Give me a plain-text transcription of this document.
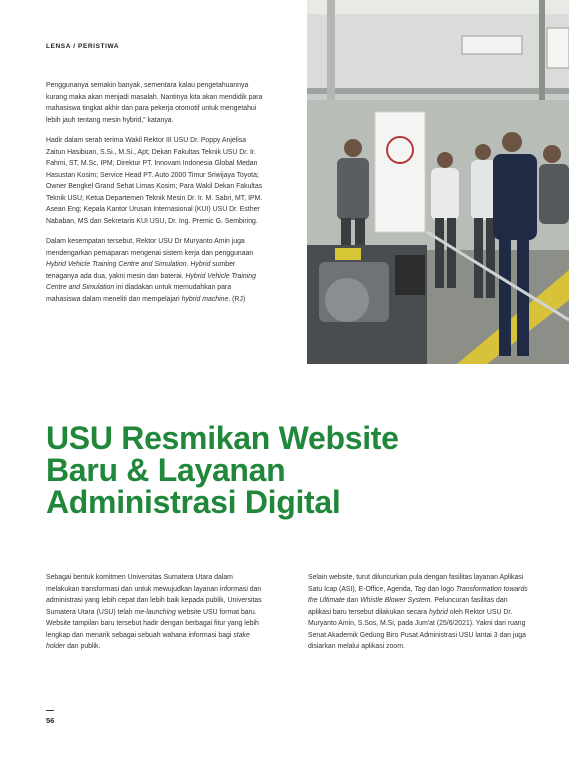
LENSA / PERISTIWA

Penggunanya semakin banyak, sementara kalau pengetahuannya kurang maka akan menjadi masalah. Nantinya kita akan mendidik para mahasiswa tingkat akhir dan para pekerja otomotif untuk mengetahui lebih jauh tentang mesin hybrid,” katanya.

Hadir dalam serah terima Wakil Rektor III USU Dr. Poppy Anjelisa Zaitun Hasibuan, S.Si., M.Si., Apt; Dekan Fakultas Teknik USU Dr. Ir. Fahmi, ST, M.Sc, IPM; Direktur PT. Innovam Indonesia Global Medan Hasustan Kosim; Service Head PT. Auto 2000 Timur Sriwijaya Toyota; Owner Bengkel Grand Sehat Limas Kosim; Para Wakil Dekan Fakultas Teknik USU; Ketua Departemen Teknik Mesin Dr. Ir. M. Sabri, MT, IPM. Asean Eng; Kepala Kantor Urusan Internasional (KUI) USU Dr. Esther Nababan, MS dan Sekretaris KUI USU, Dr. Ing. Premic G. Sembiring.

Dalam kesempatan tersebut, Rektor USU Dr Muryanto Amin juga mendengarkan pemaparan mengenai sistem kerja dan penggunaan Hybrid Vehicle Training Centre and Simulation. Hybrid sumber tenaganya ada dua, yakni mesin dan baterai. Hybrid Vehicle Training Centre and Simulation ini diadakan untuk memudahkan para mahasiswa dalam meneliti dan mempelajari hybrid machine. (RJ)

USU Resmikan Website
Baru & Layanan
Administrasi Digital

Sebagai bentuk komitmen Universitas Sumatera Utara dalam melakukan transformasi dan untuk mewujudkan layanan informasi dan administrasi yang lebih cepat dan lebih baik kepada publik, Universitas Sumatera Utara (USU) telah me-launching website USU format baru. Website tampilan baru tersebut hadir dengan berbagai fitur yang lebih lengkap dan menarik sebagai sebuah wahana informasi bagi stake holder dan publik.

Selain website, turut diluncurkan pula dengan fasilitas layanan Aplikasi Satu Icap (ASI), E-Office, Agenda, Tag dan logo Transformation towards the Ultimate dan Whistle Blower System. Peluncuran fasilitas dan aplikasi baru tersebut dilakukan secara hybrid oleh Rektor USU Dr. Muryanto Amin, S.Sos, M.Si, pada Jum'at (25/6/2021). Yakni dari ruang Senat Akademik Gedung Biro Pusat Administrasi USU lantai 3 dan juga disiarkan melalui aplikasi zoom.

56
